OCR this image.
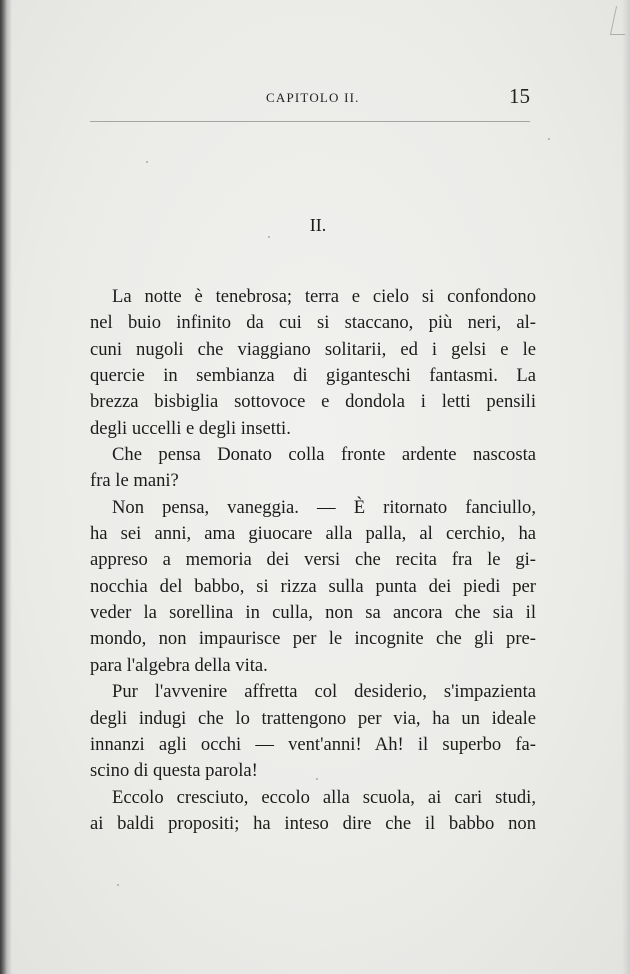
CAPITOLO II.	15
II.
La notte è tenebrosa; terra e cielo si confondono
nel buio infinito da cui si staccano, più neri, al-
cuni nugoli che viaggiano solitarii, ed i gelsi e le
quercie in sembianza di giganteschi fantasmi. La
brezza bisbiglia sottovoce e dondola i letti pensili
degli uccelli e degli insetti.
Che pensa Donato colla fronte ardente nascosta
fra le mani?
Non pensa, vaneggia. — È ritornato fanciullo,
ha sei anni, ama giuocare alla palla, al cerchio, ha
appreso a memoria dei versi che recita fra le gi-
nocchia del babbo, si rizza sulla punta dei piedi per
veder la sorellina in culla, non sa ancora che sia il
mondo, non impaurisce per le incognite che gli pre-
para l'algebra della vita.
Pur l'avvenire affretta col desiderio, s'impazienta
degli indugi che lo trattengono per via, ha un ideale
innanzi agli occhi — vent'anni! Ah! il superbo fa-
scino di questa parola!
Eccolo cresciuto, eccolo alla scuola, ai cari studi,
ai baldi propositi; ha inteso dire che il babbo non
